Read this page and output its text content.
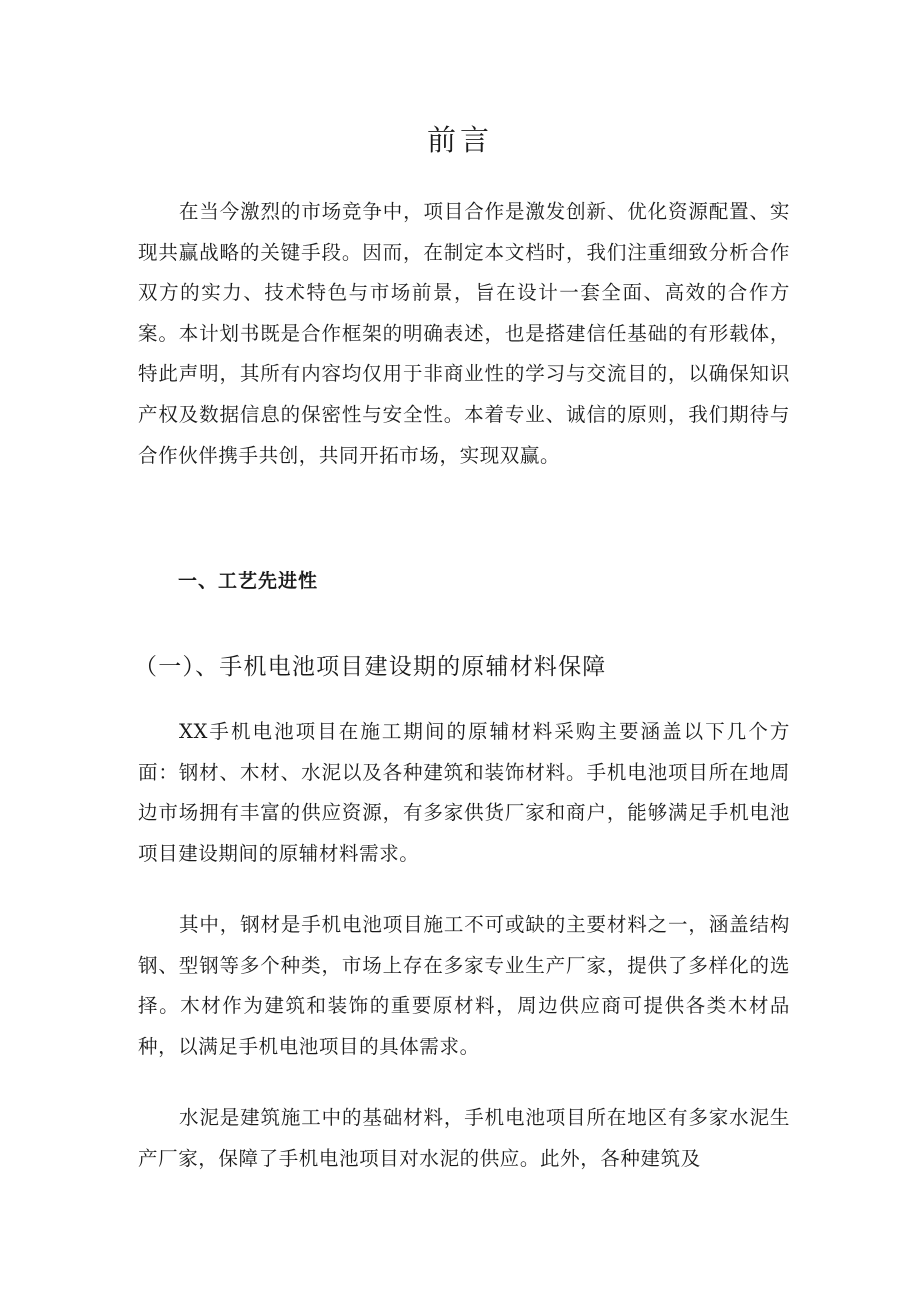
前言

在当今激烈的市场竞争中，项目合作是激发创新、优化资源配置、实现共赢战略的关键手段。因而，在制定本文档时，我们注重细致分析合作双方的实力、技术特色与市场前景，旨在设计一套全面、高效的合作方案。本计划书既是合作框架的明确表述，也是搭建信任基础的有形载体，特此声明，其所有内容均仅用于非商业性的学习与交流目的，以确保知识产权及数据信息的保密性与安全性。本着专业、诚信的原则，我们期待与合作伙伴携手共创，共同开拓市场，实现双赢。

一、工艺先进性
（一）、手机电池项目建设期的原辅材料保障

XX手机电池项目在施工期间的原辅材料采购主要涵盖以下几个方面：钢材、木材、水泥以及各种建筑和装饰材料。手机电池项目所在地周边市场拥有丰富的供应资源，有多家供货厂家和商户，能够满足手机电池项目建设期间的原辅材料需求。

其中，钢材是手机电池项目施工不可或缺的主要材料之一，涵盖结构钢、型钢等多个种类，市场上存在多家专业生产厂家，提供了多样化的选择。木材作为建筑和装饰的重要原材料，周边供应商可提供各类木材品种，以满足手机电池项目的具体需求。

水泥是建筑施工中的基础材料，手机电池项目所在地区有多家水泥生产厂家，保障了手机电池项目对水泥的供应。此外，各种建筑及
